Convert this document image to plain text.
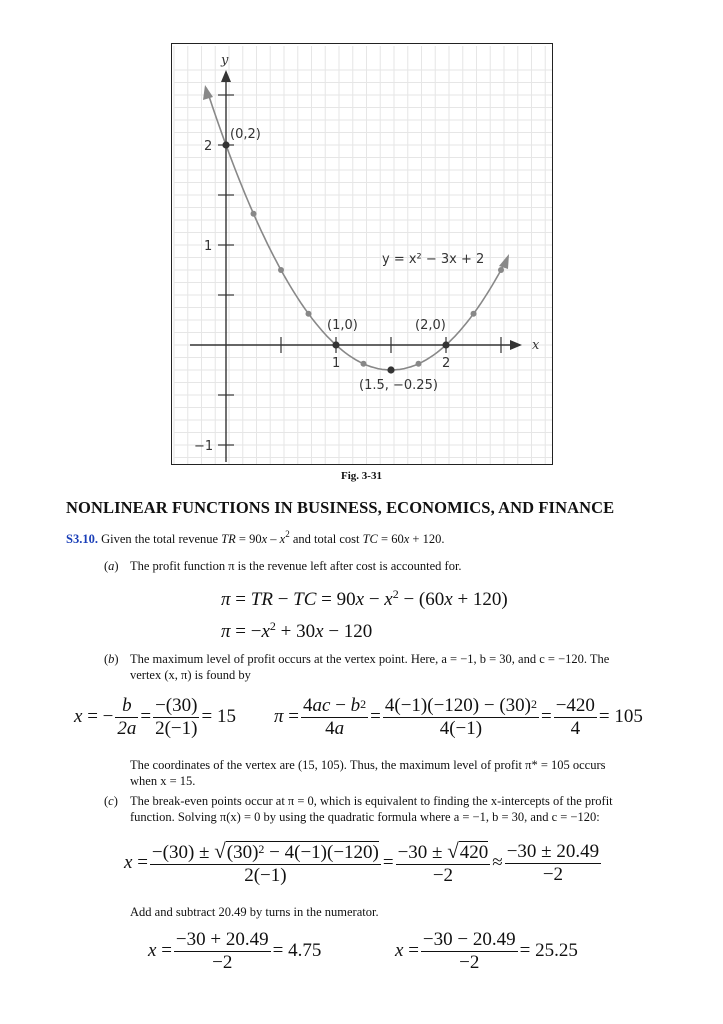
x
y
2
1
−1
1	2
y = x² − 3x + 2
(0,2)
(1,0)	(2,0)
(1.5, −0.25)
Fig. 3-31
NONLINEAR FUNCTIONS IN BUSINESS, ECONOMICS, AND FINANCE
S3.10. Given the total revenue TR = $90x - x^2$ and total cost TC = 60x + 120.
(a) The profit function π is the revenue left after cost is accounted for.
π = TR − TC = $90x - x^2 - (60x + 120)$
$\pi = -x^2 + 30x - 120$
(b) The maximum level of profit occurs at the vertex point. Here, a = −1, b = 30, and c = −120. The
vertex (x, π) is found by
x = − $\frac{b}{2a} = \frac{-(30)}{2(-1)} = 15$ $\pi = \frac{4ac - b^2}{4a} = \frac{4(-1)(-120) - (30)^2}{4(-1)} = \frac{-420}{4} = 105$
The coordinates of the vertex are (15, 105). Thus, the maximum level of profit π* = 105 occurs
when x = 15.
(c) The break-even points occur at π = 0, which is equivalent to finding the x-intercepts of the profit
function. Solving π(x) = 0 by using the quadratic formula where a = −1, b = 30, and c = −120:
$x = \frac{-(30) \pm √(30)^2 - 4(-1)(-120)}{2(-1)} = \frac{-30 \pm √420}{-2} \approx \frac{-30 \pm 20.49}{-2}$
Add and subtract 20.49 by turns in the numerator.
$x = \frac{-30 + 20.49}{-2} = 4.75$	$x = \frac{-30 - 20.49}{-2} = 25.25$
